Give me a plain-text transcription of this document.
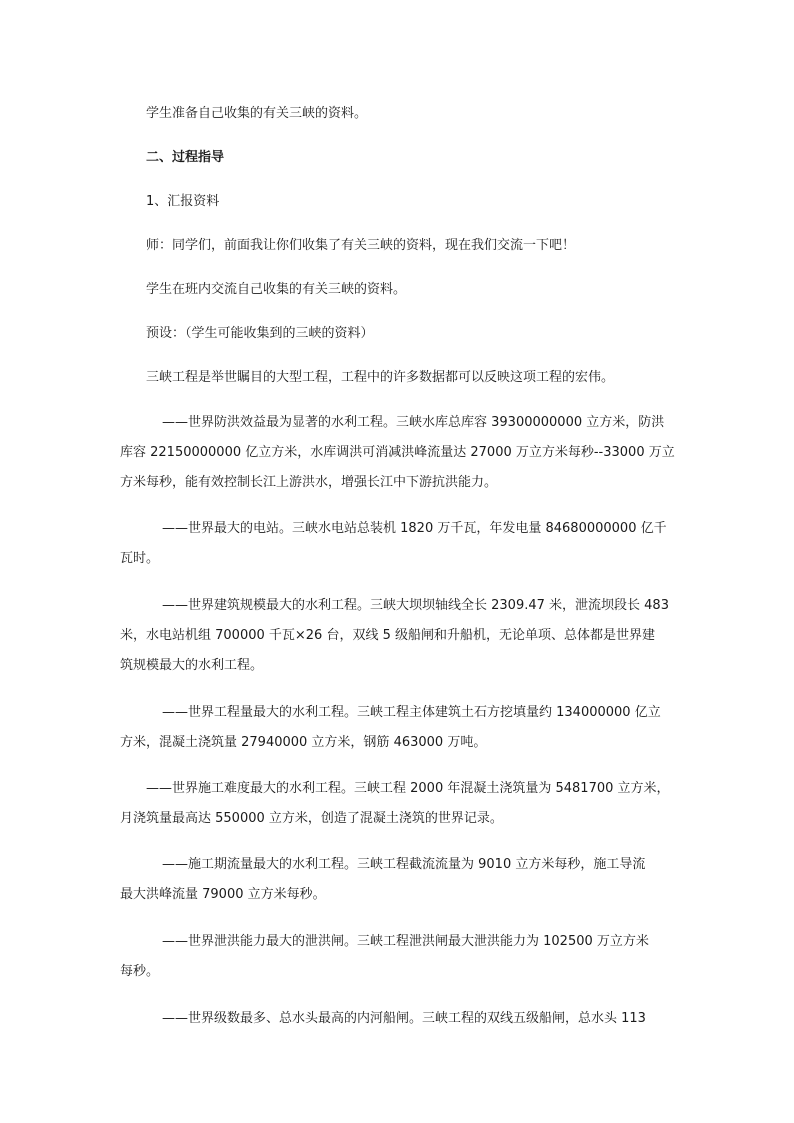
学生准备自己收集的有关三峡的资料。
二、过程指导
1、汇报资料
师：同学们，前面我让你们收集了有关三峡的资料，现在我们交流一下吧！
学生在班内交流自己收集的有关三峡的资料。
预设：（学生可能收集到的三峡的资料）
三峡工程是举世瞩目的大型工程，工程中的许多数据都可以反映这项工程的宏伟。
——世界防洪效益最为显著的水利工程。三峡水库总库容 39300000000 立方米，防洪
库容 22150000000 亿立方米，水库调洪可消减洪峰流量达 27000 万立方米每秒--33000 万立
方米每秒，能有效控制长江上游洪水，增强长江中下游抗洪能力。
——世界最大的电站。三峡水电站总装机 1820 万千瓦，年发电量 84680000000 亿千
瓦时。
——世界建筑规模最大的水利工程。三峡大坝坝轴线全长 2309.47 米，泄流坝段长 483
米，水电站机组 700000 千瓦×26 台，双线 5 级船闸和升船机，无论单项、总体都是世界建
筑规模最大的水利工程。
——世界工程量最大的水利工程。三峡工程主体建筑土石方挖填量约 134000000 亿立
方米，混凝土浇筑量 27940000 立方米，钢筋 463000 万吨。
——世界施工难度最大的水利工程。三峡工程 2000 年混凝土浇筑量为 5481700 立方米，
月浇筑量最高达 550000 立方米，创造了混凝土浇筑的世界记录。
——施工期流量最大的水利工程。三峡工程截流流量为 9010 立方米每秒，施工导流
最大洪峰流量 79000 立方米每秒。
——世界泄洪能力最大的泄洪闸。三峡工程泄洪闸最大泄洪能力为 102500 万立方米
每秒。
——世界级数最多、总水头最高的内河船闸。三峡工程的双线五级船闸，总水头 113
